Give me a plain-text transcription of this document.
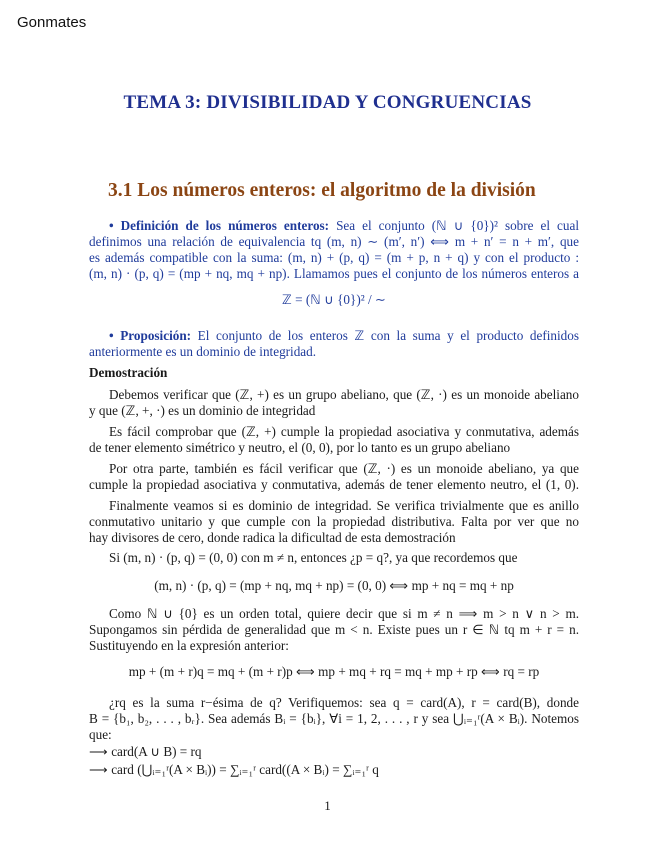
Gonmates
TEMA 3: DIVISIBILIDAD Y CONGRUENCIAS
3.1 Los números enteros: el algoritmo de la división
• Definición de los números enteros: Sea el conjunto (ℕ ∪ {0})² sobre el cual
definimos una relación de equivalencia tq (m, n) ∼ (m′, n′) ⟺ m + n′ = n + m′, que
es además compatible con la suma: (m, n) + (p, q) = (m + p, n + q) y con el producto :
(m, n) · (p, q) = (mp + nq, mq + np). Llamamos pues el conjunto de los números enteros a
ℤ = (ℕ ∪ {0})² / ∼
• Proposición: El conjunto de los enteros ℤ con la suma y el producto definidos
anteriormente es un dominio de integridad.
Demostración
Debemos verificar que (ℤ, +) es un grupo abeliano, que (ℤ, ·) es un monoide abeliano
y que (ℤ, +, ·) es un dominio de integridad
Es fácil comprobar que (ℤ, +) cumple la propiedad asociativa y conmutativa, además
de tener elemento simétrico y neutro, el (0, 0), por lo tanto es un grupo abeliano
Por otra parte, también es fácil verificar que (ℤ, ·) es un monoide abeliano, ya que
cumple la propiedad asociativa y conmutativa, además de tener elemento neutro, el (1, 0).
Finalmente veamos si es dominio de integridad. Se verifica trivialmente que es anillo
conmutativo unitario y que cumple con la propiedad distributiva. Falta por ver que no
hay divisores de cero, donde radica la dificultad de esta demostración
Si (m, n) · (p, q) = (0, 0) con m ≠ n, entonces ¿p = q?, ya que recordemos que
(m, n) · (p, q) = (mp + nq, mq + np) = (0, 0) ⟺ mp + nq = mq + np
Como ℕ ∪ {0} es un orden total, quiere decir que si m ≠ n ⟹ m > n ∨ n > m.
Supongamos sin pérdida de generalidad que m < n. Existe pues un r ∈ ℕ tq m + r = n.
Sustituyendo en la expresión anterior:
mp + (m + r)q = mq + (m + r)p ⟺ mp + mq + rq = mq + mp + rp ⟺ rq = rp
¿rq es la suma r−ésima de q? Verifiquemos: sea q = card(A), r = card(B), donde
B = {b₁, b₂, . . . , bᵣ}. Sea además Bᵢ = {bᵢ}, ∀i = 1, 2, . . . , r y sea ⋃ᵢ₌₁ʳ(A × Bᵢ). Notemos
que:
⟶ card(A ∪ B) = rq
⟶ card (⋃ᵢ₌₁ʳ(A × Bᵢ)) = ∑ᵢ₌₁ʳ card((A × Bᵢ) = ∑ᵢ₌₁ʳ q
1
